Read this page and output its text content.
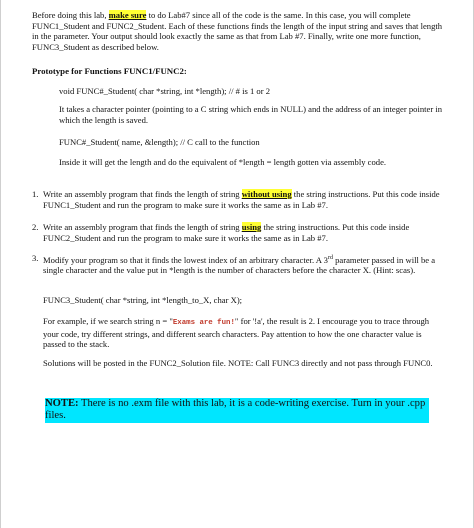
Before doing this lab, make sure to do Lab#7 since all of the code is the same. In this case, you will complete FUNC1_Student and FUNC2_Student. Each of these functions finds the length of the input string and saves that length in the parameter. Your output should look exactly the same as that from Lab #7. Finally, write one more function, FUNC3_Student as described below.
Prototype for Functions FUNC1/FUNC2:
void FUNC#_Student( char *string, int *length); // # is 1 or 2
It takes a character pointer (pointing to a C string which ends in NULL) and the address of an integer pointer in which the length is saved.
FUNC#_Student( name, &length); // C call to the function
Inside it will get the length and do the equivalent of *length = length gotten via assembly code.
1. Write an assembly program that finds the length of string without using the string instructions. Put this code inside FUNC1_Student and run the program to make sure it works the same as in Lab #7.
2. Write an assembly program that finds the length of string using the string instructions. Put this code inside FUNC2_Student and run the program to make sure it works the same as in Lab #7.
3. Modify your program so that it finds the lowest index of an arbitrary character. A 3rd parameter passed in will be a single character and the value put in *length is the number of characters before the character X. (Hint: scas).
FUNC3_Student( char *string, int *length_to_X, char X);
For example, if we search string n = "Exams are fun!" for '!a', the result is 2. I encourage you to trace through your code, try different strings, and different search characters. Pay attention to how the one character value is passed to the stack.
Solutions will be posted in the FUNC2_Solution file. NOTE: Call FUNC3 directly and not pass through FUNC0.
NOTE: There is no .exm file with this lab, it is a code-writing exercise. Turn in your .cpp files.
